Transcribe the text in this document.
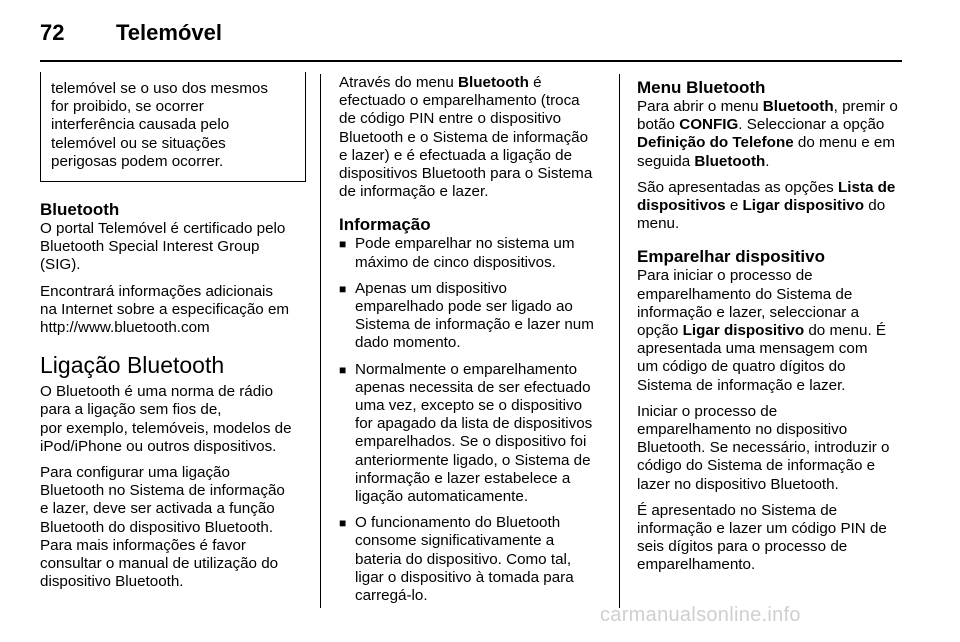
72 Telemóvel

telemóvel se o uso dos mesmos
for proibido, se ocorrer
interferência causada pelo
telemóvel ou se situações
perigosas podem ocorrer.

Bluetooth

O portal Telemóvel é certificado pelo
Bluetooth Special Interest Group
(SIG).

Encontrará informações adicionais
na Internet sobre a especificação em
http://www.bluetooth.com

Ligação Bluetooth

O Bluetooth é uma norma de rádio
para a ligação sem fios de,
por exemplo, telemóveis, modelos de
iPod/iPhone ou outros dispositivos.

Para configurar uma ligação
Bluetooth no Sistema de informação
e lazer, deve ser activada a função
Bluetooth do dispositivo Bluetooth.
Para mais informações é favor
consultar o manual de utilização do
dispositivo Bluetooth.

Através do menu Bluetooth é
efectuado o emparelhamento (troca
de código PIN entre o dispositivo
Bluetooth e o Sistema de informação
e lazer) e é efectuada a ligação de
dispositivos Bluetooth para o Sistema
de informação e lazer.

Informação
■ Pode emparelhar no sistema um
máximo de cinco dispositivos.
■ Apenas um dispositivo
emparelhado pode ser ligado ao
Sistema de informação e lazer num
dado momento.
■ Normalmente o emparelhamento
apenas necessita de ser efectuado
uma vez, excepto se o dispositivo
for apagado da lista de dispositivos
emparelhados. Se o dispositivo foi
anteriormente ligado, o Sistema de
informação e lazer estabelece a
ligação automaticamente.
■ O funcionamento do Bluetooth
consome significativamente a
bateria do dispositivo. Como tal,
ligar o dispositivo à tomada para
carregá-lo.
Menu Bluetooth

Para abrir o menu Bluetooth, premir o
botão CONFIG. Seleccionar a opção
Definição do Telefone do menu e em
seguida Bluetooth.

São apresentadas as opções Lista de
dispositivos e Ligar dispositivo do
menu.

Emparelhar dispositivo

Para iniciar o processo de
emparelhamento do Sistema de
informação e lazer, seleccionar a
opção Ligar dispositivo do menu. É
apresentada uma mensagem com
um código de quatro dígitos do
Sistema de informação e lazer.

Iniciar o processo de
emparelhamento no dispositivo
Bluetooth. Se necessário, introduzir o
código do Sistema de informação e
lazer no dispositivo Bluetooth.

É apresentado no Sistema de
informação e lazer um código PIN de
seis dígitos para o processo de
emparelhamento.

carmanualsonline.info
